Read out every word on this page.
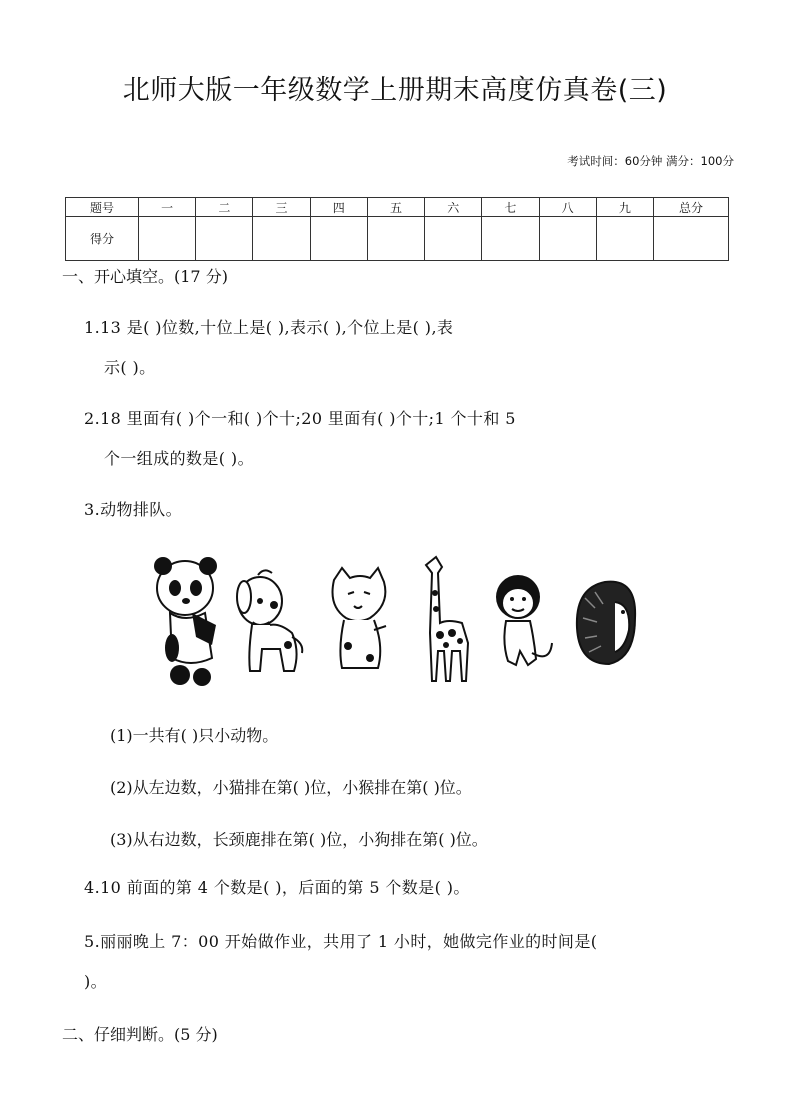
北师大版一年级数学上册期末高度仿真卷(三)
考试时间：60分钟 满分：100分
题号	一	二	三	四	五	六	七	八	九	总分
得分										
一、开心填空。(17 分)
1.13 是( )位数,十位上是( ),表示( ),个位上是( ),表
示( )。
2.18 里面有( )个一和( )个十;20 里面有( )个十;1 个十和 5
个一组成的数是( )。
3.动物排队。
(1)一共有( )只小动物。
(2)从左边数，小猫排在第( )位，小猴排在第( )位。
(3)从右边数，长颈鹿排在第( )位，小狗排在第( )位。
4.10 前面的第 4 个数是( )，后面的第 5 个数是( )。
5.丽丽晚上 7：00 开始做作业，共用了 1 小时，她做完作业的时间是(
)。
二、仔细判断。(5 分)
